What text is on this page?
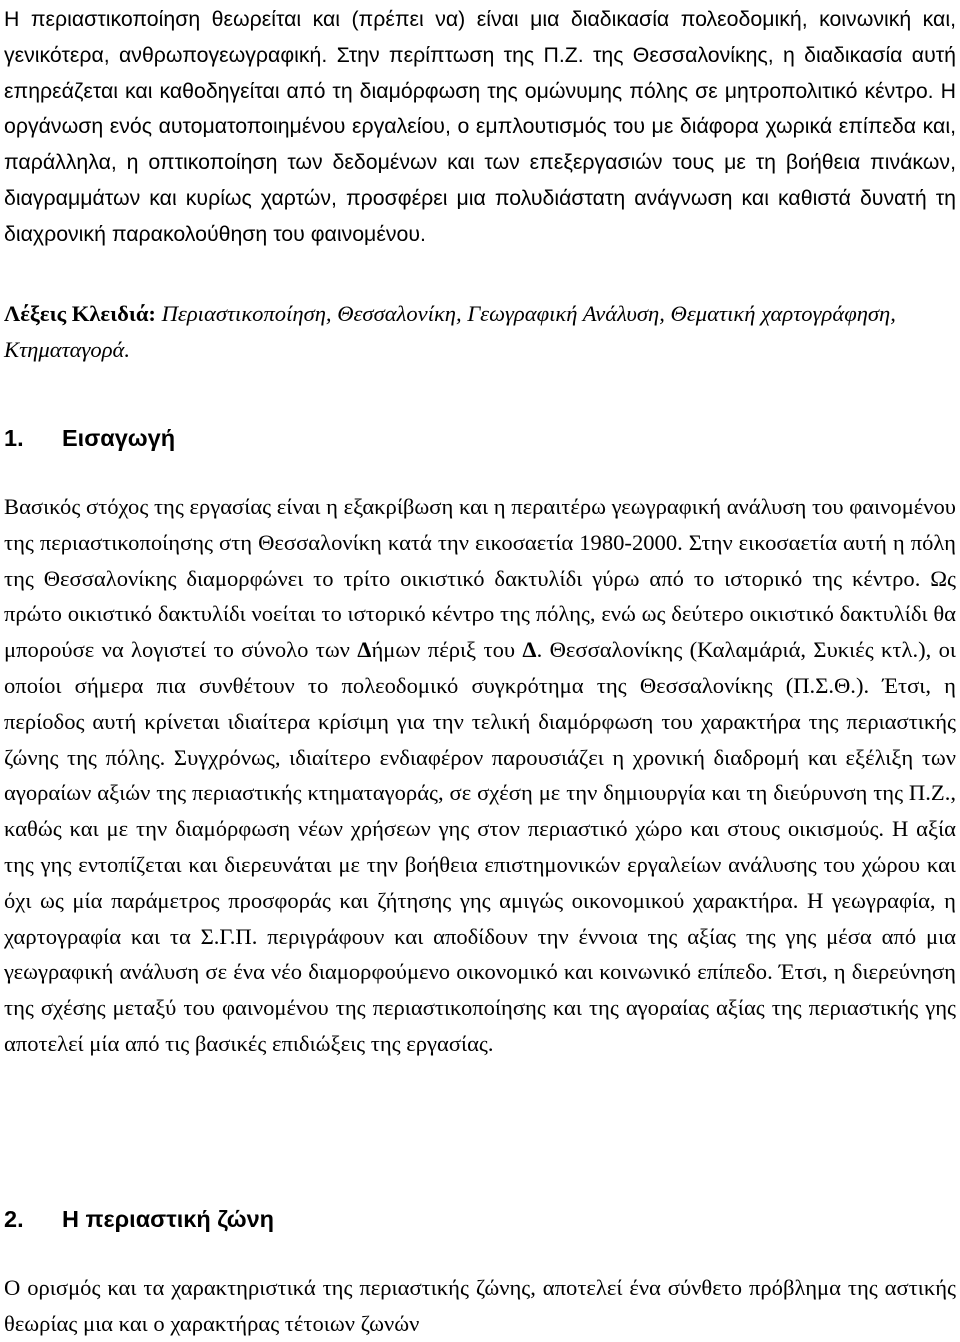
Η περιαστικοποίηση θεωρείται και (πρέπει να) είναι μια διαδικασία πολεοδομική, κοινωνική και, γενικότερα, ανθρωπογεωγραφική. Στην περίπτωση της Π.Ζ. της Θεσσαλονίκης, η διαδικασία αυτή επηρεάζεται και καθοδηγείται από τη διαμόρφωση της ομώνυμης πόλης σε μητροπολιτικό κέντρο. Η οργάνωση ενός αυτοματοποιημένου εργαλείου, ο εμπλουτισμός του με διάφορα χωρικά επίπεδα και, παράλληλα, η οπτικοποίηση των δεδομένων και των επεξεργασιών τους με τη βοήθεια πινάκων, διαγραμμάτων και κυρίως χαρτών, προσφέρει μια πολυδιάστατη ανάγνωση και καθιστά δυνατή τη διαχρονική παρακολούθηση του φαινομένου.

Λέξεις Κλειδιά: Περιαστικοποίηση, Θεσσαλονίκη, Γεωγραφική Ανάλυση, Θεματική χαρτογράφηση, Κτηματαγορά.

1. Εισαγωγή

Βασικός στόχος της εργασίας είναι η εξακρίβωση και η περαιτέρω γεωγραφική ανάλυση του φαινομένου της περιαστικοποίησης στη Θεσσαλονίκη κατά την εικοσαετία 1980-2000. Στην εικοσαετία αυτή η πόλη της Θεσσαλονίκης διαμορφώνει το τρίτο οικιστικό δακτυλίδι γύρω από το ιστορικό της κέντρο. Ως πρώτο οικιστικό δακτυλίδι νοείται το ιστορικό κέντρο της πόλης, ενώ ως δεύτερο οικιστικό δακτυλίδι θα μπορούσε να λογιστεί το σύνολο των Δήμων πέριξ του Δ. Θεσσαλονίκης (Καλαμάριά, Συκιές κτλ.), οι οποίοι σήμερα πια συνθέτουν το πολεοδομικό συγκρότημα της Θεσσαλονίκης (Π.Σ.Θ.). Έτσι, η περίοδος αυτή κρίνεται ιδιαίτερα κρίσιμη για την τελική διαμόρφωση του χαρακτήρα της περιαστικής ζώνης της πόλης. Συγχρόνως, ιδιαίτερο ενδιαφέρον παρουσιάζει η χρονική διαδρομή και εξέλιξη των αγοραίων αξιών της περιαστικής κτηματαγοράς, σε σχέση με την δημιουργία και τη διεύρυνση της Π.Ζ., καθώς και με την διαμόρφωση νέων χρήσεων γης στον περιαστικό χώρο και στους οικισμούς. Η αξία της γης εντοπίζεται και διερευνάται με την βοήθεια επιστημονικών εργαλείων ανάλυσης του χώρου και όχι ως μία παράμετρος προσφοράς και ζήτησης γης αμιγώς οικονομικού χαρακτήρα. Η γεωγραφία, η χαρτογραφία και τα Σ.Γ.Π. περιγράφουν και αποδίδουν την έννοια της αξίας της γης μέσα από μια γεωγραφική ανάλυση σε ένα νέο διαμορφούμενο οικονομικό και κοινωνικό επίπεδο. Έτσι, η διερεύνηση της σχέσης μεταξύ του φαινομένου της περιαστικοποίησης και της αγοραίας αξίας της περιαστικής γης αποτελεί μία από τις βασικές επιδιώξεις της εργασίας.

2. Η περιαστική ζώνη

Ο ορισμός και τα χαρακτηριστικά της περιαστικής ζώνης, αποτελεί ένα σύνθετο πρόβλημα της αστικής θεωρίας μια και ο χαρακτήρας τέτοιων ζωνών
